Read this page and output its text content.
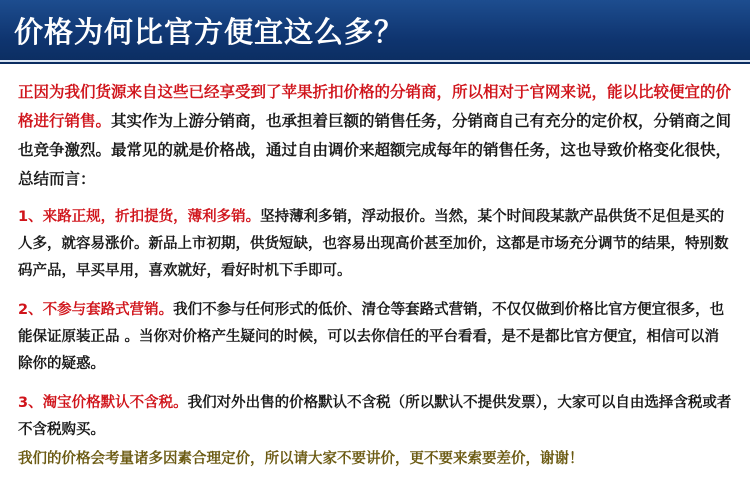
价格为何比官方便宜这么多？

正因为我们货源来自这些已经享受到了苹果折扣价格的分销商，所以相对于官网来说，能以比较便宜的价格进行销售。其实作为上游分销商，也承担着巨额的销售任务，分销商自己有充分的定价权，分销商之间也竞争激烈。最常见的就是价格战，通过自由调价来超额完成每年的销售任务，这也导致价格变化很快，总结而言：

1、来路正规，折扣提货，薄利多销。坚持薄利多销，浮动报价。当然，某个时间段某款产品供货不足但是买的人多，就容易涨价。新品上市初期，供货短缺，也容易出现高价甚至加价，这都是市场充分调节的结果，特别数码产品，早买早用，喜欢就好，看好时机下手即可。

2、不参与套路式营销。我们不参与任何形式的低价、清仓等套路式营销，不仅仅做到价格比官方便宜很多，也能保证原装正品 。当你对价格产生疑问的时候，可以去你信任的平台看看，是不是都比官方便宜，相信可以消除你的疑惑。

3、淘宝价格默认不含税。我们对外出售的价格默认不含税（所以默认不提供发票），大家可以自由选择含税或者不含税购买。

我们的价格会考量诸多因素合理定价，所以请大家不要讲价，更不要来索要差价，谢谢！
